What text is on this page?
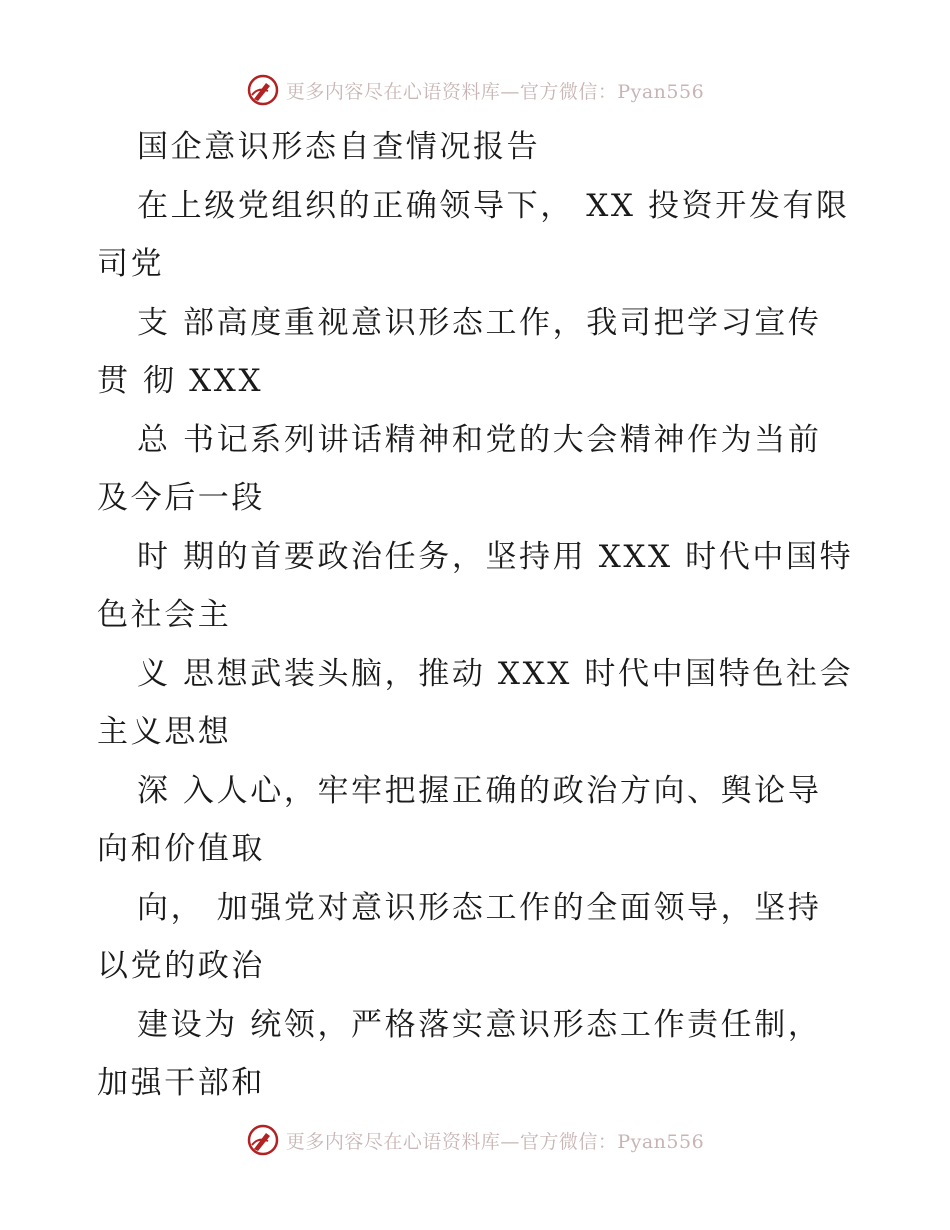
更多内容尽在心语资料库—官方微信：Pyan556
国企意识形态自查情况报告
在上级党组织的正确领导下， XX 投资开发有限
司党
支 部高度重视意识形态工作，我司把学习宣传
贯 彻 XXX
总 书记系列讲话精神和党的大会精神作为当前
及今后一段
时 期的首要政治任务，坚持用 XXX 时代中国特
色社会主
义 思想武装头脑，推动 XXX 时代中国特色社会
主义思想
深 入人心，牢牢把握正确的政治方向、舆论导
向和价值取
向， 加强党对意识形态工作的全面领导，坚持
以党的政治
建设为 统领，严格落实意识形态工作责任制，
加强干部和
更多内容尽在心语资料库—官方微信：Pyan556
